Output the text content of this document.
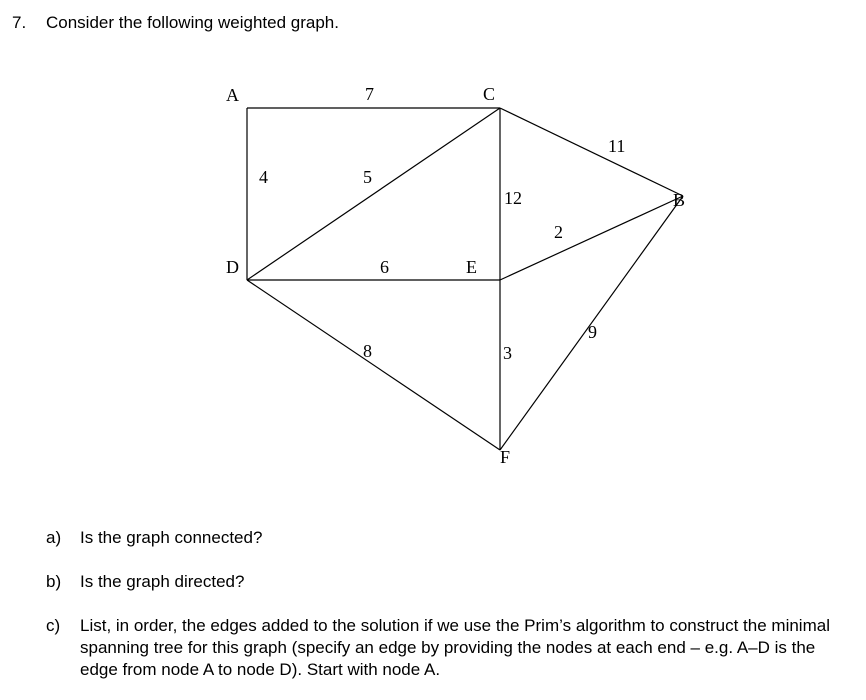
7. Consider the following weighted graph.
A	C
B
D	E
F
7
4	5
11
12
2
6
8	3
9
a)	Is the graph connected?
b)	Is the graph directed?
c)	List, in order, the edges added to the solution if we use the Prim’s algorithm to construct the minimal spanning tree for this graph (specify an edge by providing the nodes at each end – e.g. A–D is the edge from node A to node D). Start with node A.
